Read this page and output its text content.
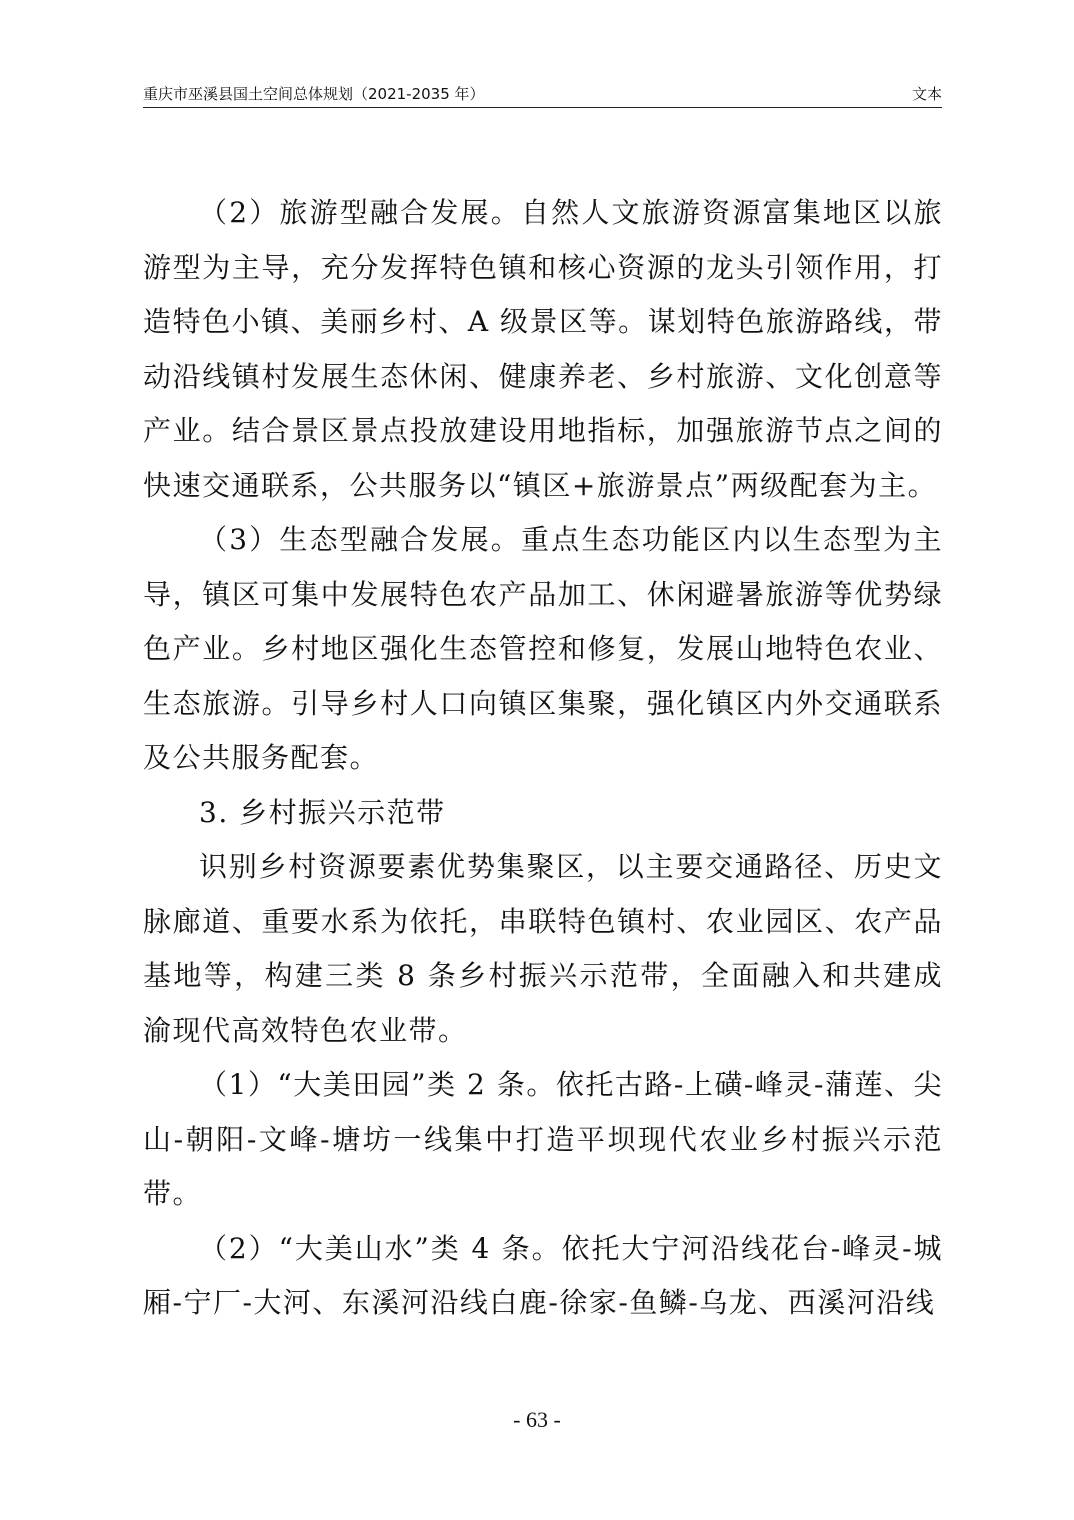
重庆市巫溪县国土空间总体规划（2021-2035 年）	文本

（2）旅游型融合发展。自然人文旅游资源富集地区以旅游型为主导，充分发挥特色镇和核心资源的龙头引领作用，打造特色小镇、美丽乡村、A 级景区等。谋划特色旅游路线，带动沿线镇村发展生态休闲、健康养老、乡村旅游、文化创意等产业。结合景区景点投放建设用地指标，加强旅游节点之间的快速交通联系，公共服务以“镇区+旅游景点”两级配套为主。

（3）生态型融合发展。重点生态功能区内以生态型为主导，镇区可集中发展特色农产品加工、休闲避暑旅游等优势绿色产业。乡村地区强化生态管控和修复，发展山地特色农业、生态旅游。引导乡村人口向镇区集聚，强化镇区内外交通联系及公共服务配套。

3. 乡村振兴示范带

识别乡村资源要素优势集聚区，以主要交通路径、历史文脉廊道、重要水系为依托，串联特色镇村、农业园区、农产品基地等，构建三类 8 条乡村振兴示范带，全面融入和共建成渝现代高效特色农业带。

（1）“大美田园”类 2 条。依托古路-上磺-峰灵-蒲莲、尖山-朝阳-文峰-塘坊一线集中打造平坝现代农业乡村振兴示范带。

（2）“大美山水”类 4 条。依托大宁河沿线花台-峰灵-城厢-宁厂-大河、东溪河沿线白鹿-徐家-鱼鳞-乌龙、西溪河沿线

- 63 -
